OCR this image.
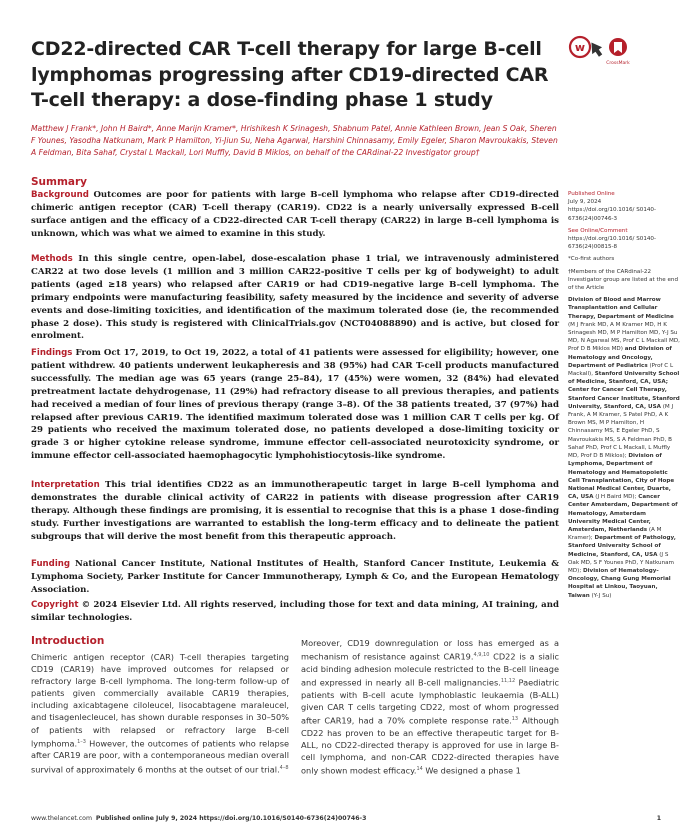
CD22-directed CAR T-cell therapy for large B-cell lymphomas progressing after CD19-directed CAR T-cell therapy: a dose-finding phase 1 study
w
CrossMark

Matthew J Frank*, John H Baird*, Anne Marijn Kramer*, Hrishikesh K Srinagesh, Shabnum Patel, Annie Kathleen Brown, Jean S Oak, Sheren F Younes, Yasodha Natkunam, Mark P Hamilton, Yi-Jiun Su, Neha Agarwal, Harshini Chinnasamy, Emily Egeler, Sharon Mavroukakis, Steven A Feldman, Bita Sahaf, Crystal L Mackall, Lori Muffly, David B Miklos, on behalf of the CARdinal-22 Investigator group†

Summary

Background Outcomes are poor for patients with large B-cell lymphoma who relapse after CD19-directed chimeric antigen receptor (CAR) T-cell therapy (CAR19). CD22 is a nearly universally expressed B-cell surface antigen and the efficacy of a CD22-directed CAR T-cell therapy (CAR22) in large B-cell lymphoma is unknown, which was what we aimed to examine in this study.

Methods In this single centre, open-label, dose-escalation phase 1 trial, we intravenously administered CAR22 at two dose levels (1 million and 3 million CAR22-positive T cells per kg of bodyweight) to adult patients (aged ≥18 years) who relapsed after CAR19 or had CD19-negative large B-cell lymphoma. The primary endpoints were manufacturing feasibility, safety measured by the incidence and severity of adverse events and dose-limiting toxicities, and identification of the maximum tolerated dose (ie, the recommended phase 2 dose). This study is registered with ClinicalTrials.gov (NCT04088890) and is active, but closed for enrolment.

Findings From Oct 17, 2019, to Oct 19, 2022, a total of 41 patients were assessed for eligibility; however, one patient withdrew. 40 patients underwent leukapheresis and 38 (95%) had CAR T-cell products manufactured successfully. The median age was 65 years (range 25–84), 17 (45%) were women, 32 (84%) had elevated pretreatment lactate dehydrogenase, 11 (29%) had refractory disease to all previous therapies, and patients had received a median of four lines of previous therapy (range 3–8). Of the 38 patients treated, 37 (97%) had relapsed after previous CAR19. The identified maximum tolerated dose was 1 million CAR T cells per kg. Of 29 patients who received the maximum tolerated dose, no patients developed a dose-limiting toxicity or grade 3 or higher cytokine release syndrome, immune effector cell-associated neurotoxicity syndrome, or immune effector cell-associated haemophagocytic lymphohistiocytosis-like syndrome.

Interpretation This trial identifies CD22 as an immunotherapeutic target in large B-cell lymphoma and demonstrates the durable clinical activity of CAR22 in patients with disease progression after CAR19 therapy. Although these findings are promising, it is essential to recognise that this is a phase 1 dose-finding study. Further investigations are warranted to establish the long-term efficacy and to delineate the patient subgroups that will derive the most benefit from this therapeutic approach.

Funding National Cancer Institute, National Institutes of Health, Stanford Cancer Institute, Leukemia & Lymphoma Society, Parker Institute for Cancer Immunotherapy, Lymph & Co, and the European Hematology Association.

Copyright © 2024 Elsevier Ltd. All rights reserved, including those for text and data mining, AI training, and similar technologies.

Published Online
July 9, 2024
https://doi.org/10.1016/ S0140-6736(24)00746-3

See Online/Comment
https://doi.org/10.1016/ S0140-6736(24)00815-8

*Co-first authors

†Members of the CARdinal-22 Investigator group are listed at the end of the Article

Division of Blood and Marrow Transplantation and Cellular Therapy, Department of Medicine (M J Frank MD, A M Kramer MD, H K Srinagesh MD, M P Hamilton MD, Y-J Su MD, N Agarwal MS, Prof C L Mackall MD, Prof D B Miklos MD) and Division of Hematology and Oncology, Department of Pediatrics (Prof C L Mackall), Stanford University School of Medicine, Stanford, CA, USA; Center for Cancer Cell Therapy, Stanford Cancer Institute, Stanford University, Stanford, CA, USA (M J Frank, A M Kramer, S Patel PhD, A K Brown MS, M P Hamilton, H Chinnasamy MS, E Egeler PhD, S Mavroukakis MS, S A Feldman PhD, B Sahaf PhD, Prof C L Mackall, L Muffly MD, Prof D B Miklos); Division of Lymphoma, Department of Hematology and Hematopoietic Cell Transplantation, City of Hope National Medical Center, Duarte, CA, USA (J H Baird MD); Cancer Center Amsterdam, Department of Hematology, Amsterdam University Medical Center, Amsterdam, Netherlands (A M Kramer); Department of Pathology, Stanford University School of Medicine, Stanford, CA, USA (J S Oak MD, S F Younes PhD, Y Natkunam MD); Division of Hematology-Oncology, Chang Gung Memorial Hospital at Linkou, Taoyuan, Taiwan (Y-J Su)

Introduction

Chimeric antigen receptor (CAR) T-cell therapies targeting CD19 (CAR19) have improved outcomes for relapsed or refractory large B-cell lymphoma. The long-term follow-up of patients given commercially available CAR19 therapies, including axicabtagene ciloleucel, lisocabtagene maraleucel, and tisagenlecleucel, has shown durable responses in 30–50% of patients with relapsed or refractory large B-cell lymphoma.$^{1-3}$ However, the outcomes of patients who relapse after CAR19 are poor, with a contemporaneous median overall survival of approximately 6 months at the outset of our trial.$^{4-8}$

Moreover, CD19 downregulation or loss has emerged as a mechanism of resistance against CAR19.$^{4,9,10}$ CD22 is a sialic acid binding adhesion molecule restricted to the B-cell lineage and expressed in nearly all B-cell malignancies.$^{11,12}$ Paediatric patients with B-cell acute lymphoblastic leukaemia (B-ALL) given CAR T cells targeting CD22, most of whom progressed after CAR19, had a 70% complete response rate.$^{13}$ Although CD22 has proven to be an effective therapeutic target for B-ALL, no CD22-directed therapy is approved for use in large B-cell lymphoma, and non-CAR CD22-directed therapies have only shown modest efficacy.$^{14}$ We designed a phase 1

www.thelancet.com Published online July 9, 2024 https://doi.org/10.1016/S0140-6736(24)00746-3	1
